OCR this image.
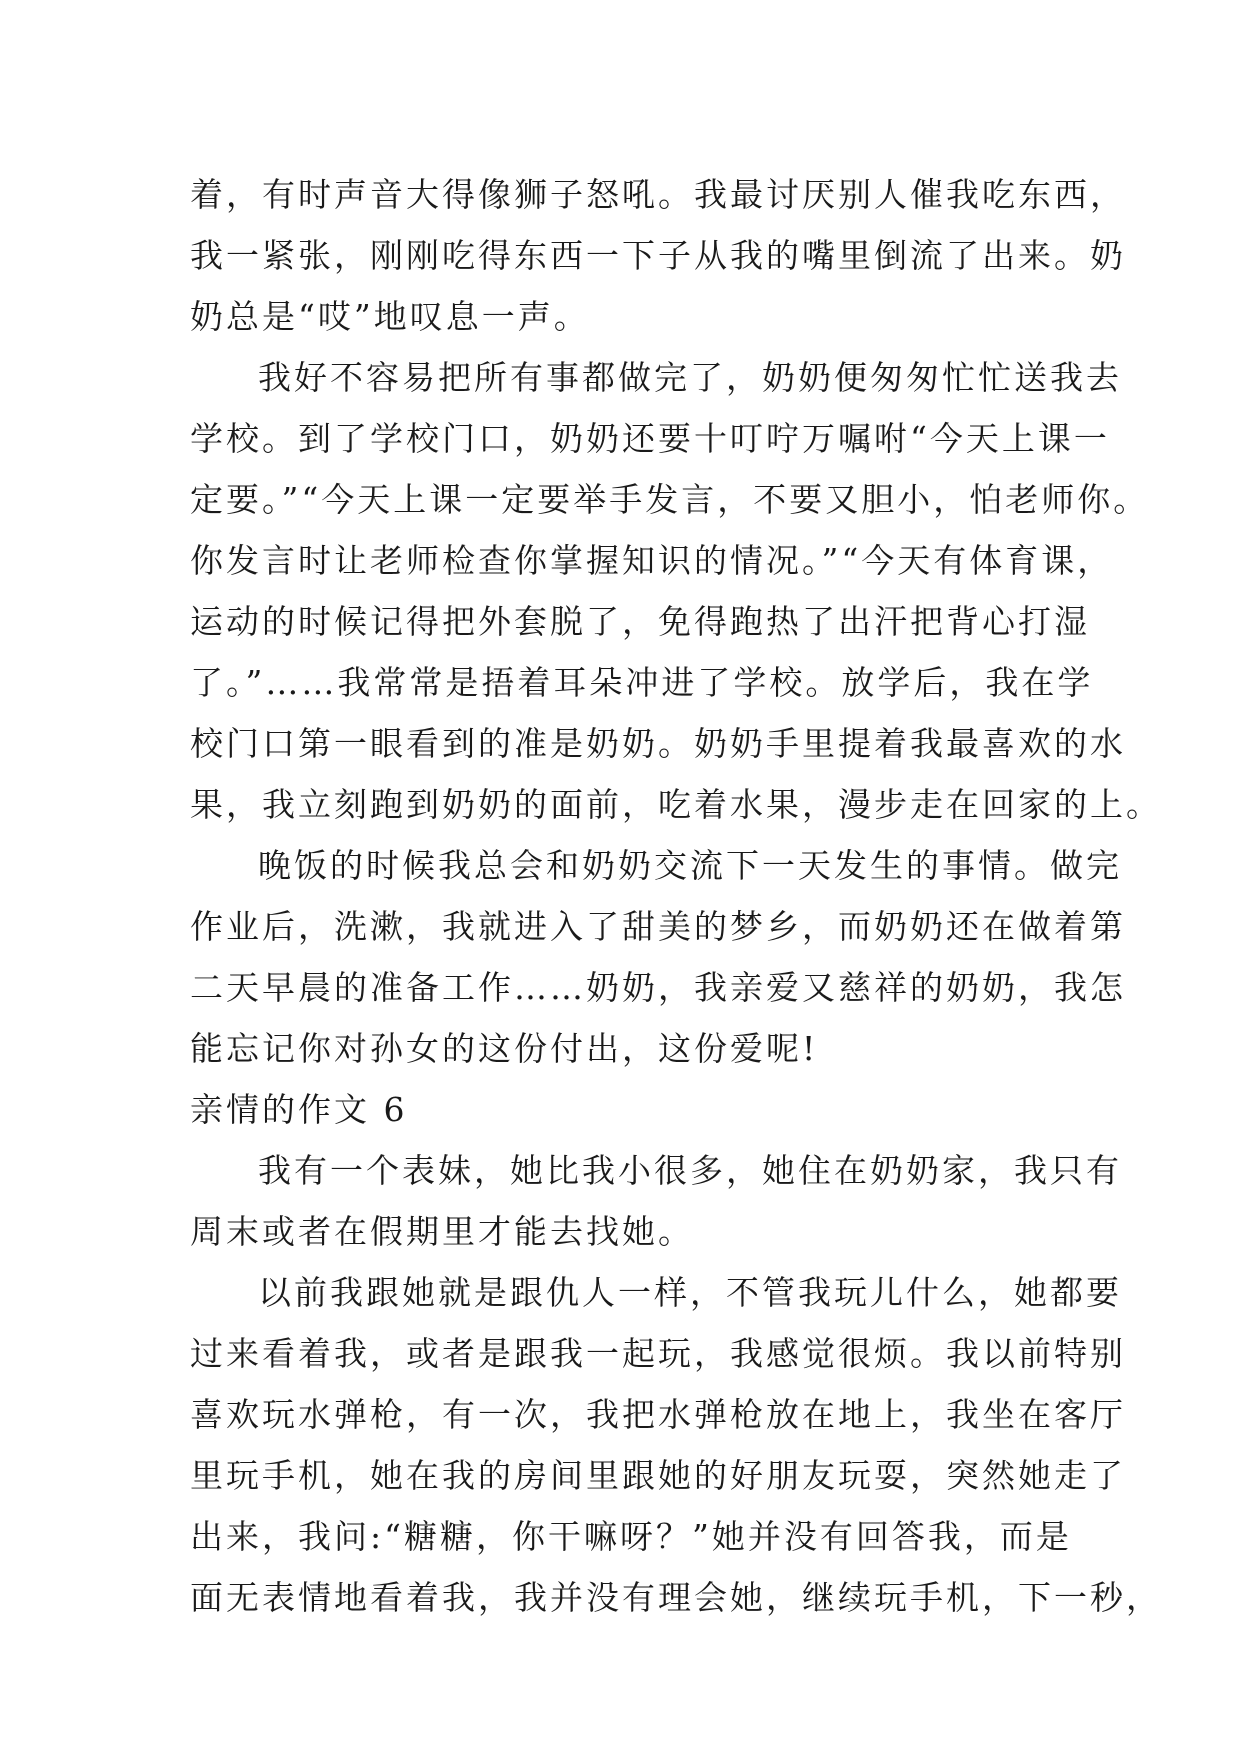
着，有时声音大得像狮子怒吼。我最讨厌别人催我吃东西，
我一紧张，刚刚吃得东西一下子从我的嘴里倒流了出来。奶
奶总是“哎”地叹息一声。
我好不容易把所有事都做完了，奶奶便匆匆忙忙送我去
学校。到了学校门口，奶奶还要十叮咛万嘱咐“今天上课一
定要。”“今天上课一定要举手发言，不要又胆小，怕老师你。
你发言时让老师检查你掌握知识的情况。”“今天有体育课，
运动的时候记得把外套脱了，免得跑热了出汗把背心打湿
了。”……我常常是捂着耳朵冲进了学校。放学后，我在学
校门口第一眼看到的准是奶奶。奶奶手里提着我最喜欢的水
果，我立刻跑到奶奶的面前，吃着水果，漫步走在回家的上。
晚饭的时候我总会和奶奶交流下一天发生的事情。做完
作业后，洗漱，我就进入了甜美的梦乡，而奶奶还在做着第
二天早晨的准备工作……奶奶，我亲爱又慈祥的奶奶，我怎
能忘记你对孙女的这份付出，这份爱呢!
亲情的作文 6
我有一个表妹，她比我小很多，她住在奶奶家，我只有
周末或者在假期里才能去找她。
以前我跟她就是跟仇人一样，不管我玩儿什么，她都要
过来看着我，或者是跟我一起玩，我感觉很烦。我以前特别
喜欢玩水弹枪，有一次，我把水弹枪放在地上，我坐在客厅
里玩手机，她在我的房间里跟她的好朋友玩耍，突然她走了
出来，我问:“糖糖，你干嘛呀？”她并没有回答我，而是
面无表情地看着我，我并没有理会她，继续玩手机，下一秒，
